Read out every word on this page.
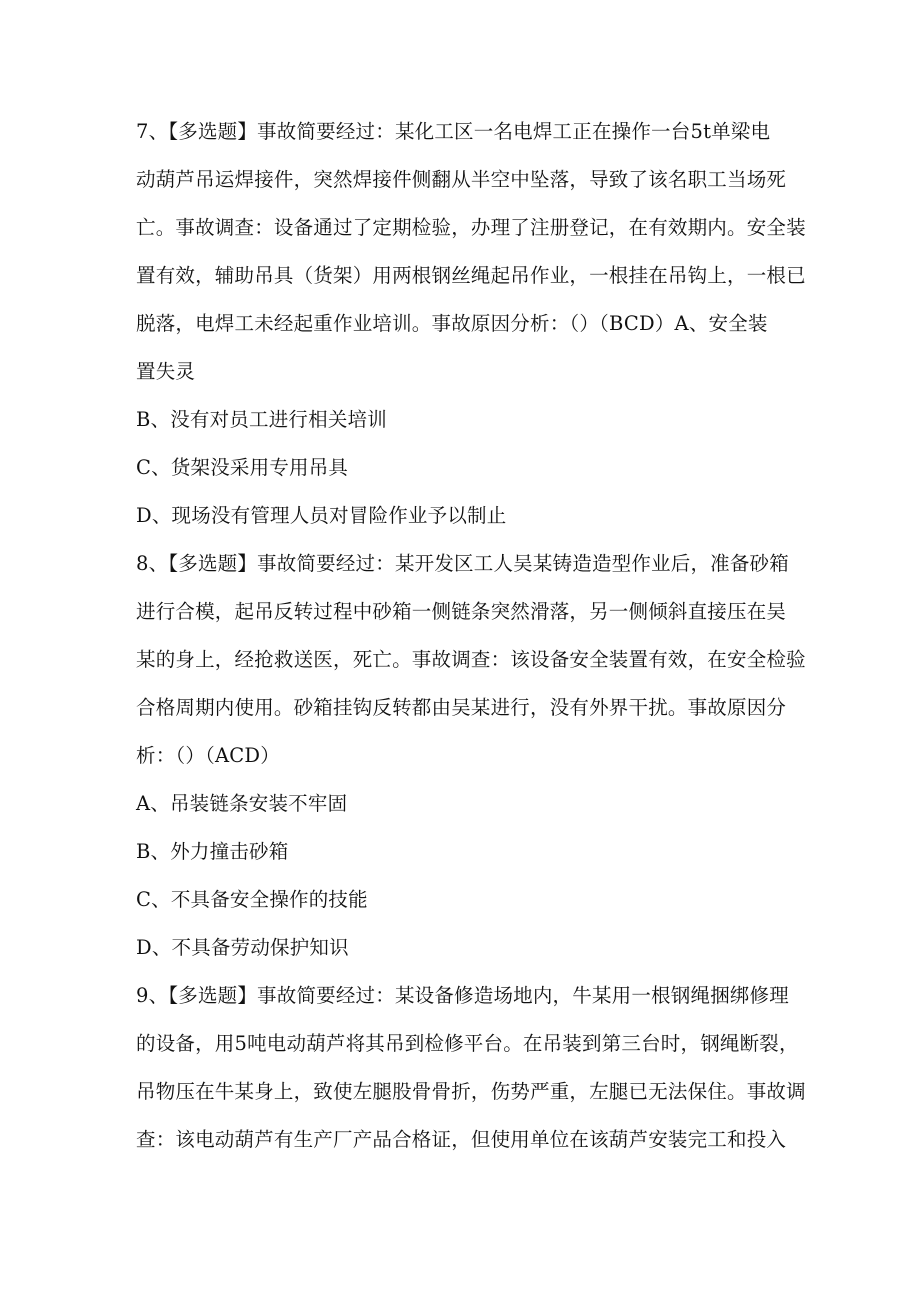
7、【多选题】事故简要经过：某化工区一名电焊工正在操作一台5t单梁电
动葫芦吊运焊接件，突然焊接件侧翻从半空中坠落，导致了该名职工当场死
亡。事故调查：设备通过了定期检验，办理了注册登记，在有效期内。安全装
置有效，辅助吊具（货架）用两根钢丝绳起吊作业，一根挂在吊钩上，一根已
脱落，电焊工未经起重作业培训。事故原因分析：（）（BCD）A、安全装
置失灵

B、没有对员工进行相关培训

C、货架没采用专用吊具

D、现场没有管理人员对冒险作业予以制止

8、【多选题】事故简要经过：某开发区工人吴某铸造造型作业后，准备砂箱
进行合模，起吊反转过程中砂箱一侧链条突然滑落，另一侧倾斜直接压在吴
某的身上，经抢救送医，死亡。事故调查：该设备安全装置有效，在安全检验
合格周期内使用。砂箱挂钩反转都由吴某进行，没有外界干扰。事故原因分
析：（）（ACD）

A、吊装链条安装不牢固

B、外力撞击砂箱

C、不具备安全操作的技能

D、不具备劳动保护知识

9、【多选题】事故简要经过：某设备修造场地内，牛某用一根钢绳捆绑修理
的设备，用5吨电动葫芦将其吊到检修平台。在吊装到第三台时，钢绳断裂，
吊物压在牛某身上，致使左腿股骨骨折，伤势严重，左腿已无法保住。事故调
查：该电动葫芦有生产厂产品合格证，但使用单位在该葫芦安装完工和投入
